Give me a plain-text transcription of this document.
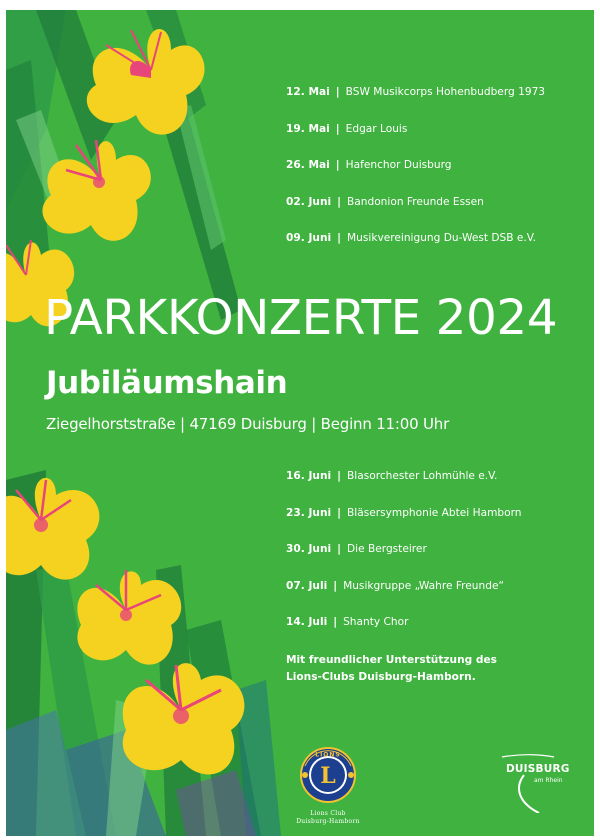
12. Mai | BSW Musikcorps Hohenbudberg 1973
19. Mai | Edgar Louis
26. Mai | Hafenchor Duisburg
02. Juni | Bandonion Freunde Essen
09. Juni | Musikvereinigung Du-West DSB e.V.
PARKKONZERTE 2024
Jubiläumshain
Ziegelhorststraße | 47169 Duisburg | Beginn 11:00 Uhr
16. Juni | Blasorchester Lohmühle e.V.
23. Juni | Bläsersymphonie Abtei Hamborn
30. Juni | Die Bergsteirer
07. Juli | Musikgruppe „Wahre Freunde“
14. Juli | Shanty Chor
Mit freundlicher Unterstützung des
Lions-Clubs Duisburg-Hamborn.
L
LIONS
Lions Club
Duisburg-Hamborn
DUISBURG
am Rhein
